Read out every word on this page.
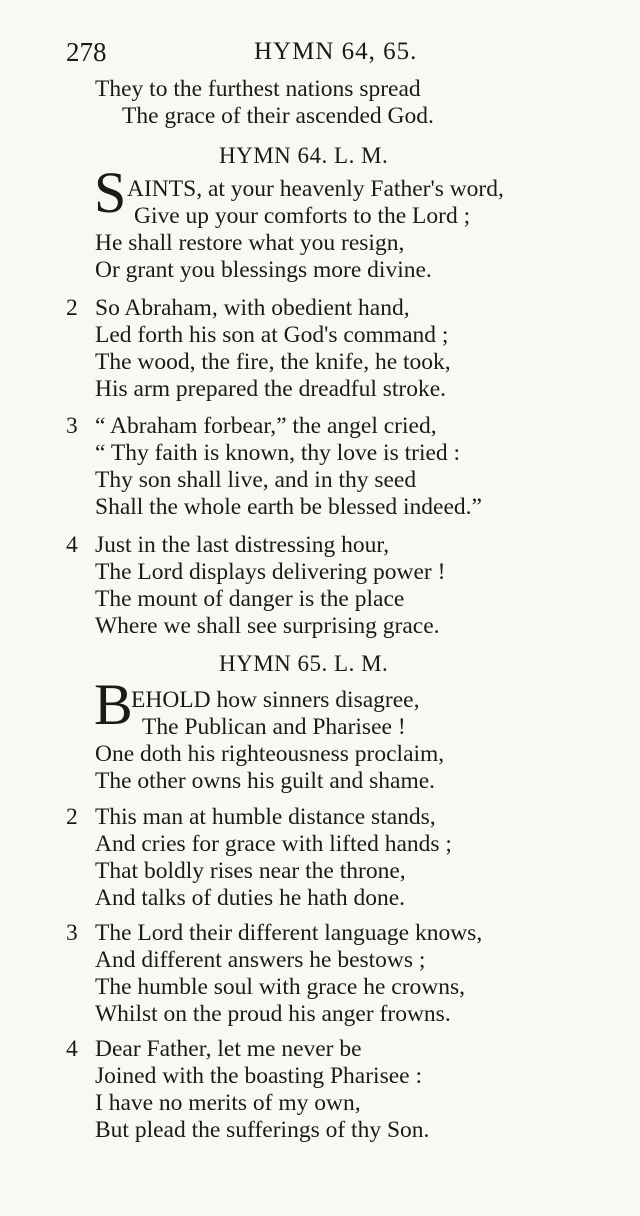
278	HYMN 64, 65.
They to the furthest nations spread
The grace of their ascended God.
HYMN 64. L. M.
S AINTS, at your heavenly Father's word,
Give up your comforts to the Lord ;
He shall restore what you resign,
Or grant you blessings more divine.
2 So Abraham, with obedient hand,
Led forth his son at God's command ;
The wood, the fire, the knife, he took,
His arm prepared the dreadful stroke.
3 “ Abraham forbear,” the angel cried,
“ Thy faith is known, thy love is tried :
Thy son shall live, and in thy seed
Shall the whole earth be blessed indeed.”
4 Just in the last distressing hour,
The Lord displays delivering power !
The mount of danger is the place
Where we shall see surprising grace.
HYMN 65. L. M.
B
EHOLD how sinners disagree,
The Publican and Pharisee !
One doth his righteousness proclaim,
The other owns his guilt and shame.
2 This man at humble distance stands,
And cries for grace with lifted hands ;
That boldly rises near the throne,
And talks of duties he hath done.
3 The Lord their different language knows,
And different answers he bestows ;
The humble soul with grace he crowns,
Whilst on the proud his anger frowns.
4 Dear Father, let me never be
Joined with the boasting Pharisee :
I have no merits of my own,
But plead the sufferings of thy Son.
